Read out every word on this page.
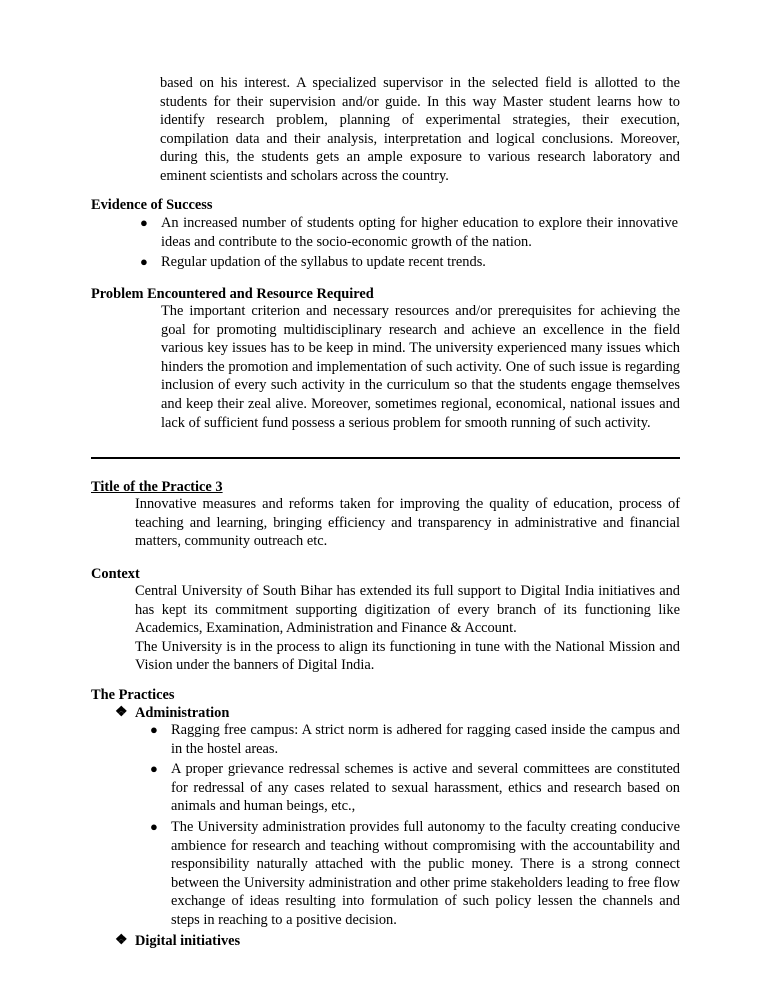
based on his interest. A specialized supervisor in the selected field is allotted to the students for their supervision and/or guide. In this way Master student learns how to identify research problem, planning of experimental strategies, their execution, compilation data and their analysis, interpretation and logical conclusions. Moreover, during this, the students gets an ample exposure to various research laboratory and eminent scientists and scholars across the country.

Evidence of Success
● An increased number of students opting for higher education to explore their innovative ideas and contribute to the socio-economic growth of the nation.
● Regular updation of the syllabus to update recent trends.
Problem Encountered and Resource Required

The important criterion and necessary resources and/or prerequisites for achieving the goal for promoting multidisciplinary research and achieve an excellence in the field various key issues has to be keep in mind. The university experienced many issues which hinders the promotion and implementation of such activity. One of such issue is regarding inclusion of every such activity in the curriculum so that the students engage themselves and keep their zeal alive. Moreover, sometimes regional, economical, national issues and lack of sufficient fund possess a serious problem for smooth running of such activity.

Title of the Practice 3

Innovative measures and reforms taken for improving the quality of education, process of teaching and learning, bringing efficiency and transparency in administrative and financial matters, community outreach etc.

Context

Central University of South Bihar has extended its full support to Digital India initiatives and has kept its commitment supporting digitization of every branch of its functioning like Academics, Examination, Administration and Finance & Account.

The University is in the process to align its functioning in tune with the National Mission and Vision under the banners of Digital India.

The Practices
❖ Administration
● Ragging free campus: A strict norm is adhered for ragging cased inside the campus and in the hostel areas.
● A proper grievance redressal schemes is active and several committees are constituted for redressal of any cases related to sexual harassment, ethics and research based on animals and human beings, etc.,
● The University administration provides full autonomy to the faculty creating conducive ambience for research and teaching without compromising with the accountability and responsibility naturally attached with the public money. There is a strong connect between the University administration and other prime stakeholders leading to free flow exchange of ideas resulting into formulation of such policy lessen the channels and steps in reaching to a positive decision.
❖ Digital initiatives
